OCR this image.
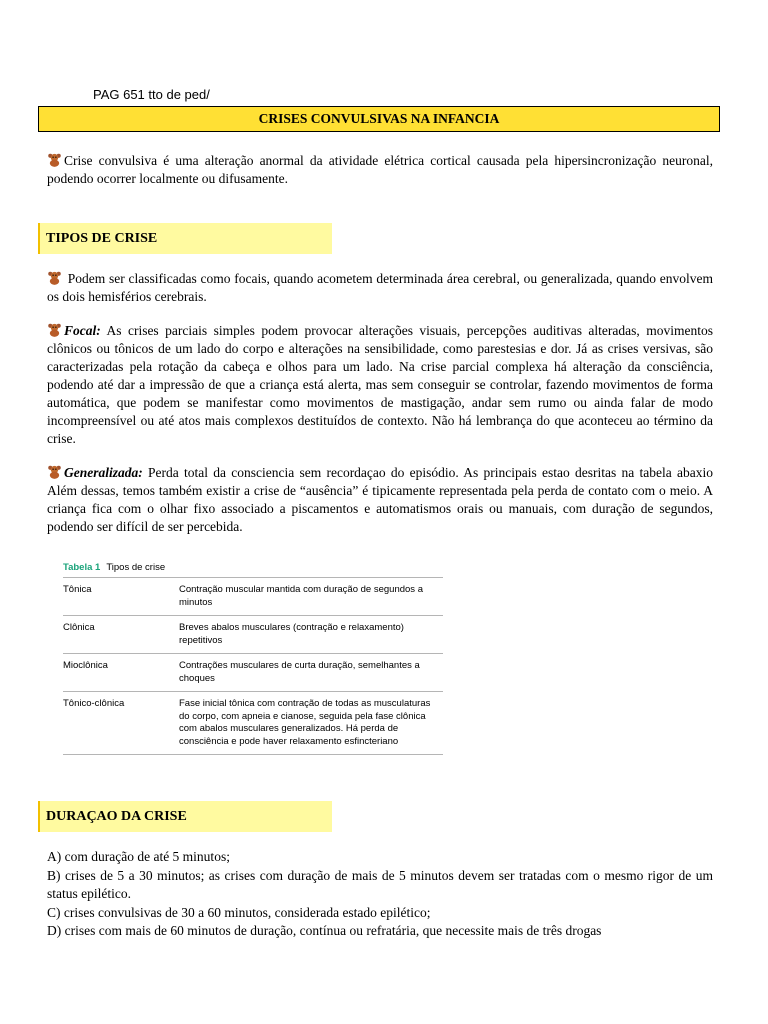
PAG 651 tto de ped/
CRISES CONVULSIVAS NA INFANCIA

Crise convulsiva é uma alteração anormal da atividade elétrica cortical causada pela hipersincronização neuronal, podendo ocorrer localmente ou difusamente.

TIPOS DE CRISE

Podem ser classificadas como focais, quando acometem determinada área cerebral, ou generalizada, quando envolvem os dois hemisférios cerebrais.

Focal: As crises parciais simples podem provocar alterações visuais, percepções auditivas alteradas, movimentos clônicos ou tônicos de um lado do corpo e alterações na sensibilidade, como parestesias e dor. Já as crises versivas, são caracterizadas pela rotação da cabeça e olhos para um lado. Na crise parcial complexa há alteração da consciência, podendo até dar a impressão de que a criança está alerta, mas sem conseguir se controlar, fazendo movimentos de forma automática, que podem se manifestar como movimentos de mastigação, andar sem rumo ou ainda falar de modo incompreensível ou até atos mais complexos destituídos de contexto. Não há lembrança do que aconteceu ao término da crise.

Generalizada: Perda total da consciencia sem recordaçao do episódio. As principais estao desritas na tabela abaxio Além dessas, temos também existir a crise de “ausência” é tipicamente representada pela perda de contato com o meio. A criança fica com o olhar fixo associado a piscamentos e automatismos orais ou manuais, com duração de segundos, podendo ser difícil de ser percebida.

Tabela 1 Tipos de crise
Tônica	Contração muscular mantida com duração de segundos a minutos
Clônica	Breves abalos musculares (contração e relaxamento) repetitivos
Mioclônica	Contrações musculares de curta duração, semelhantes a choques
Tônico-clônica	Fase inicial tônica com contração de todas as musculaturas do corpo, com apneia e cianose, seguida pela fase clônica com abalos musculares generalizados. Há perda de consciência e pode haver relaxamento esfincteriano
DURAÇAO DA CRISE
A) com duração de até 5 minutos;
B) crises de 5 a 30 minutos; as crises com duração de mais de 5 minutos devem ser tratadas com o mesmo rigor de um status epilético.
C) crises convulsivas de 30 a 60 minutos, considerada estado epilético;
D) crises com mais de 60 minutos de duração, contínua ou refratária, que necessite mais de três drogas
